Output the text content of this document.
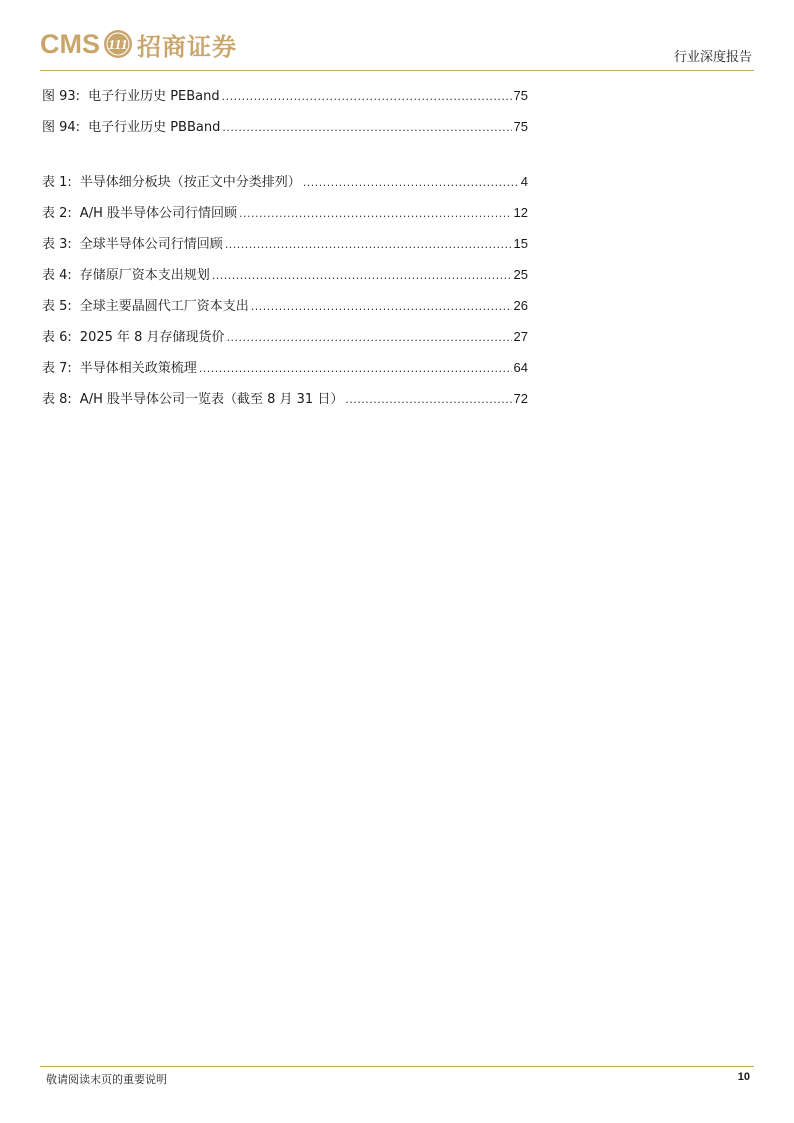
CMS 111 招商证券	行业深度报告
图 93: 电子行业历史 PEBand .....	75
图 94: 电子行业历史 PBBand .....	75
表 1: 半导体细分板块（按正文中分类排列） .....	4
表 2: A/H 股半导体公司行情回顾 .....	12
表 3: 全球半导体公司行情回顾 .....	15
表 4: 存储原厂资本支出规划 .....	25
表 5: 全球主要晶圆代工厂资本支出 .....	26
表 6: 2025 年 8 月存储现货价 .....	27
表 7: 半导体相关政策梳理 .....	64
表 8: A/H 股半导体公司一览表（截至 8 月 31 日） .....	72
敬请阅读末页的重要说明	10
